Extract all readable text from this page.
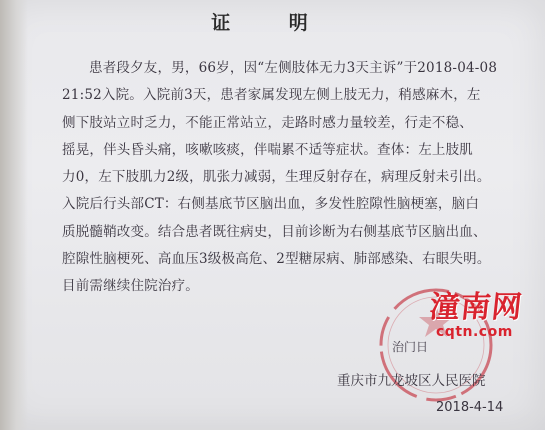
证 明
患者段夕友，男，66岁，因“左侧肢体无力3天主诉”于2018-04-08
21:52入院。入院前3天，患者家属发现左侧上肢无力，稍感麻木，左
侧下肢站立时乏力，不能正常站立，走路时感力量较差，行走不稳、
摇晃，伴头昏头痛，咳嗽咳痰，伴喘累不适等症状。查体：左上肢肌
力0，左下肢肌力2级，肌张力减弱，生理反射存在，病理反射未引出。
入院后行头部CT：右侧基底节区脑出血，多发性腔隙性脑梗塞，脑白
质脱髓鞘改变。结合患者既往病史，目前诊断为右侧基底节区脑出血、
腔隙性脑梗死、高血压3级极高危、2型糖尿病、肺部感染、右眼失明。
目前需继续住院治疗。
治门日
重庆市九龙坡区人民医院
2018-4-14
潼南网
cqtn.com
